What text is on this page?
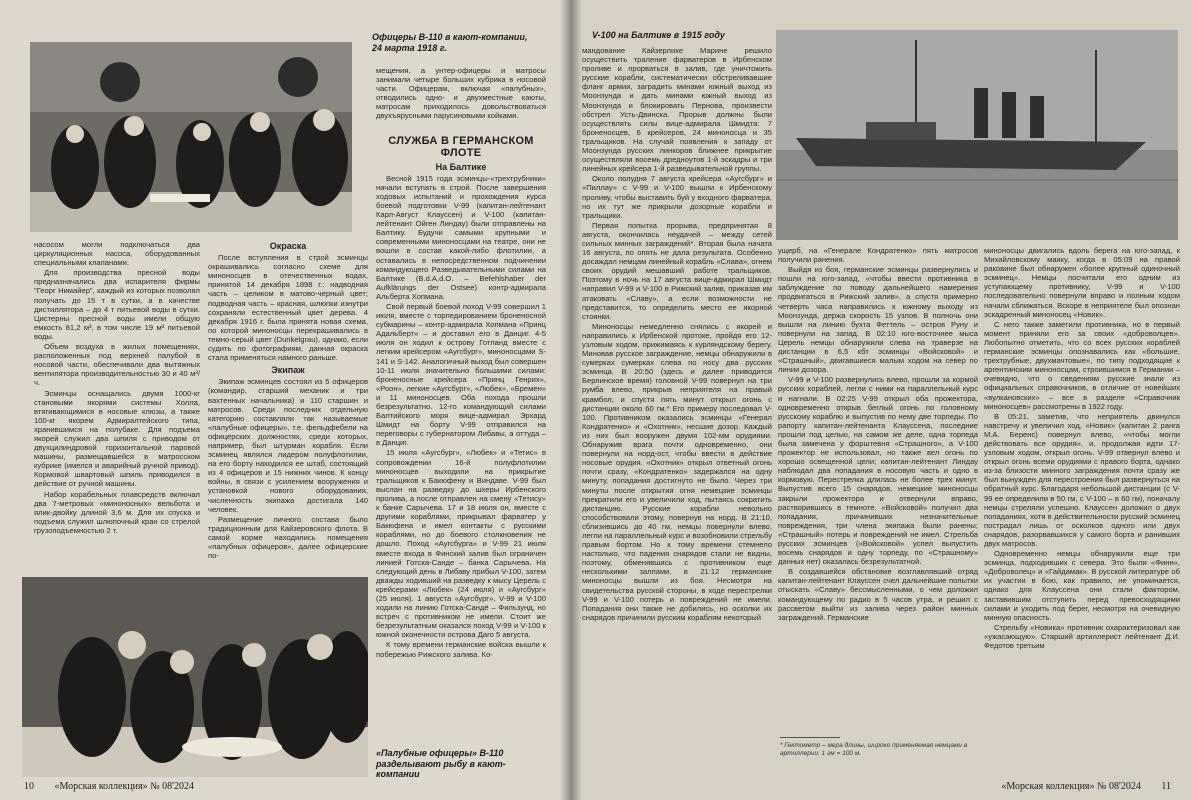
Офицеры В-110 в кают-компании, 24 марта 1918 г.

насосом могли подключаться два циркуляционных насоса, оборудованных специальными клапанами.

Для производства пресной воды предназначались два испарителя фирмы "Георг Нимайер", каждый из которых позволял получать до 15 т в сутки, а в качестве дистиллятора – до 4 т питьевой воды в сутки. Цистерны пресной воды имели общую емкость 81,2 м³, в том числе 19 м³ питьевой воды.

Объем воздуха в жилых помещениях, расположенных под верхней палубой в носовой части, обеспечивали два вытяжных вентилятора производительностью 30 и 40 м³/ч.

Эсминцы оснащались двумя 1000-кг становыми якорями системы Холла, втягивающимися в носовые клюзы, а также 100-кг якорем Адмиралтейского типа, хранившимся на полубаке. Для подъема якорей служил два шпиля с приводом от двухцилиндровой горизонтальной паровой машины, размещавшейся в матросском кубрике (имелся и аварийный ручной привод). Кормовой швартовый шпиль приводился в действие от ручной машины.

Набор корабельных плавсредств включал два 7-метровых «миноносных» вельбота и ялик-двойку длиной 3,6 м. Для их спуска и подъема служил шлюпочный кран со стрелой грузоподъемностью 2 т.

Окраска

После вступления в строй эсминцы окрашивались согласно схеме для миноносцев в отечественных водах, принятой 14 декабря 1898 г.: надводная часть – целиком в матово-черный цвет; подводная часть – красная, шлюпки изнутри сохраняли естественный цвет дерева. 4 декабря 1916 г. была принята новая схема, по которой миноносцы перекрашивались в темно-серый цвет (Dunkelgrau), однако, если судить по фотографиям, данная окраска стала применяться намного раньше.

Экипаж

Экипаж эсминцев состоял из 5 офицеров (командир, старший механик и три вахтенных начальника) и 110 старшин и матросов. Среди последних отдельную категорию составляли так называемые «палубные офицеры», т.е. фельдфебели на офицерских должностях, среди которых, например, был штурман корабля. Если эсминец являлся лидером полуфлотилии, на его борту находился ее штаб, состоящий из 4 офицеров и 15 нижних чинов. К концу войны, в связи с усилением вооружения и установкой нового оборудования, численность экипажа достигала 140 человек.

Размещение личного состава было традиционным для Кайзеровского флота. В самой корме находились помещения «палубных офицеров», далее офицерские по-

мещения, а унтер-офицеры и матросы занимали четыре больших кубрика в носовой части. Офицерам, включая «палубных», отводились одно- и двухместные каюты, матросам приходилось довольствоваться двухъярусными парусиновыми койками.

СЛУЖБА В ГЕРМАНСКОМ ФЛОТЕ
На Балтике

Весной 1915 года эсминцы-«трехтрубники» начали вступать в строй. После завершения ходовых испытаний и прохождения курса боевой подготовки V-99 (капитан-лейтенант Карл-Август Клауссен) и V-100 (капитан-лейтенант Ойген Линдау) были отправлены на Балтику. Будучи самыми крупными и современными миноносцами на театре, они не вошли в состав какой-либо флотилии, а оставались в непосредственном подчинении командующего Разведывательными силами на Балтике (B.d.A.d.O. – Befehlshaber der Aufklärungs der Ostsee) контр-адмирала Альберта Хопмана.

Свой первый боевой поход V-99 совершил 1 июля, вместе с торпедированием броненосной субмарины – контр-адмирала Хопмана «Принц Адальберт» – и доставил его в Данциг. 4-5 июля он ходил к острову Готланд вместе с легким крейсером «Аугсбург», миноносцами S-141 и S-142. Аналогичный выход был совершен 10-11 июля значительно большими силами: броненосные крейсера «Принц Генрих», «Роон», легкие «Аугсбург», «Любек», «Бремен» и 11 миноносцев. Оба похода прошли безрезультатно. 12-го командующий силами Балтийского моря вице-адмирал Эрхард Шмидт на борту V-99 отправился на переговоры с губернатором Либавы, а оттуда – в Данциг.

15 июля «Аугсбург», «Любек» и «Тетис» в сопровождении 16-й полуфлотилии миноносцев выходили на прикрытие тральщиков к Бакюфену и Виндаве. V-99 был выслан на разведку до шхеры Ирбенского пролива, а после отправлен на смену «Тетису» к банке Сарычева. 17 и 18 июля он, вместе с другими кораблями, прикрывал фарватер у Бакюфена и имел контакты с русскими кораблями, но до боевого столкновения не дошло. Поход «Аугсбурга» и V-99 21 июля вместе входа в Финский залив был ограничен линией Готска-Санде – банка Сарычева. На следующий день в Либаву прибыл V-100, затем дважды ходивший на разведку к мысу Церель с крейсерами «Любек» (24 июля) и «Аугсбург» (25 июля). 1 августа «Аугсбург», V-99 и V-100 ходили на линию Готска-Сандё – Фильзунд, но встреч с противником не имели. Стоит же безрезультатным оказался поход V-99 и V-100 к южной оконечности острова Даго 5 августа.

К тому времени германские войска вышли к побережью Рижского залива. Ко-

«Палубные офицеры» B-110 разделывают рыбу в кают-компании
10 «Морская коллекция» № 08'2024
V-100 на Балтике в 1915 году

мандование Кайзерлихе Марине решило осуществить траление фарватеров в Ирбенском проливе и прорваться в залив, где уничтожить русские корабли, систематически обстреливавшие фланг армии, заградить минами южный выход из Моонзунда и дать минами южный выход из Моонзунда и блокировать Пернова, произвести обстрел Усть-Двинска. Прорыв должны были осуществлять силы вице-адмирала Шмидта: 7 броненосцев, 6 крейсеров, 24 миноносца и 35 тральщиков. На случай появления к западу от Моонзунда русских линкоров ближнее прикрытие осуществляли восемь дредноутов 1-й эскадры и три линейных крейсера 1-й разведывательной группы.

Около полудня 7 августа крейсера «Аугсбург» и «Пиллау» с V-99 и V-100 вышли к Ирбенскому проливу, чтобы выставить буй у входного фарватера, но их тут же прикрыли дозорные корабли и тральщики.

Первая попытка прорыва, предпринятая 8 августа, окончилась неудачей – между сетей сильных минных заграждений*. Вторая была начата 16 августа, по опять не дала результата. Особенно досаждал немцам линейный корабль «Слава», огнем своих орудий мешавший работе тральщиков. Поэтому в ночь на 17 августа вице-адмирал Шмидт направил V-99 и V-100 в Рижский залив, приказав им атаковать «Славу», а если возможности не представится, то определить место ее якорной стоянки.

Миноносцы немедленно снялись с якорей и направились к Ирбенской протоке, пройдя его 12-узловым ходом, прижимаясь к курляндскому берегу. Миновав русское заграждение, немцы обнаружили в сумерках сумерках слева по носу два русских эсминца. В 20:50 (здесь и далее приводится Берлинское время) головной V-99 повернул на три румба влево, прикрыв неприятеля на правый крамбол, и спустя пять минут открыл огонь с дистанции около 60 гм.* Его примеру последовал V-100. Противником оказались эсминцы «Генерал Кондратенко» и «Охотник», несшие дозор. Каждый из них был вооружен двумя 102-мм орудиями. Обнаружив врага почти одновременно, они повернули на норд-ост, чтобы ввести в действие носовые орудия. «Охотник» открыл ответный огонь почти сразу, «Кондратенко» задержался на одну минуту, попадания достигнуто не было. Через три минуты после открытия огня немецкие эсминцы прекратили его и увеличили ход, пытаясь сократить дистанцию. Русские корабли невольно способствовали этому, повернув на норд. В 21:10, сблизившись до 40 гм, немцы повернули влево, легли на параллельный курс и возобновили стрельбу правым бортом. Но к тому времени стемнело настолько, что падения снарядов стали не видны, поэтому, обменявшись с противником еще несколькими залпами, в 21:12 германские миноносцы вышли из боя. Несмотря на свидетельства русской стороны, в ходе перестрелки V-99 и V-100 потерь и повреждений не имели. Попадания они также не добились, но осколки их снарядов причинили русским кораблям некоторый

ущерб, на «Генерале Кондратенко» пять матросов получили ранения.

Выйдя из боя, германские эсминцы развернулись и пошли на юго-запад, «чтобы ввести противника в заблуждение по поводу дальнейшего намерения продвигаться в Рижский залив», а спустя примерно четверть часа направились к южному выходу из Моонзунда, держа скорость 15 узлов. В полночь они вышли на линию бухта Феттель – остров Руну и повернули на запад. В 02:10 юго-восточнее мыса Церель немцы обнаружили слева на траверзе на дистанции в 6,5 кбт эсминцы «Войсковой» и «Страшный», двигавшиеся малым ходом на север по линии дозора.

V-99 и V-100 развернулись влево, прошли за кормой русских кораблей, легли с ними на параллельный курс и нагнали. В 02:25 V-99 открыл оба прожектора, одновременно открыв беглый огонь по головному русскому кораблю и выпустив по нему две торпеды. По рапорту капитан-лейтенанта Клауссена, последние прошли под целью, на самом же деле, одна торпеда была замечена у форштевня «Страшного», а V-100 прожектор не использовал, но также вел огонь по хорошо освещенной цели; капитан-лейтенант Линдау наблюдал два попадания в носовую часть и одно в кормовую. Перестрелка длилась не более трех минут. Выпустив всего 15 снарядов, немецкие миноносцы закрыли прожектора и отвернули вправо, растворившись в темноте. «Войсковой» получил два попадания, причинивших незначительные повреждения, три члена экипажа были ранены; «Страшный» потерь и повреждений не имел. Стрельба русских эсминцев («Войсковой» успел выпустить восемь снарядов и одну торпеду, по «Страшному» данных нет) оказалась безрезультатной.

В создавшейся обстановке возглавлявший отряд капитан-лейтенант Клауссен счел дальнейшие попытки отыскать «Славу» бессмысленными, о чем доложил командующему по радио в 5 часов утра, и решил с рассветом выйти из залива через район минных заграждений. Германские

* Гектометр – мера длины, широко применяемая немцами в артиллерии: 1 гм = 100 м.

миноносцы двигались вдоль берега на юго-запад, к Михайловскому маяку, когда в 05:09 на правой раковине был обнаружен «более крупный одиночный эсминец». Немцы посчитали его одним из уступающему противнику, V-99 и V-100 последовательно повернули вправо и полным ходом начали сближаться. Вскоре в неприятеле был опознан эскадренный миноносец «Новик».

С него также заметили противника, но в первый момент приняли его за своих «доброволцев». Любопытно отметить, что со всех русских кораблей германские эсминцы опознавались как «большие, трехтрубные, двухмачтовые», по типу подходящие к аргентинским миноносцам, строившимся в Германии – очевидно, что о сведениям русские знали из официальных справочников, в отличие от новейших «вулкановских» – все в разделе «Справочник миноносцев» рассмотрены в 1922 году.

В 05:21, заметив, что неприятель двинулся навстречу и увеличил ход, «Новик» (капитан 2 ранга М.А. Беренс) повернул влево, «чтобы могли действовать все орудия», и, продолжая идти 17-узловым ходом, открыл огонь. V-99 отвернул влево и открыл огонь всеми орудиями с правого борта, однако из-за близости минного заграждения почти сразу же был вынужден для перестроения был развернуться на обратный курс. Благодаря небольшой дистанции (с V-99 ее определили в 50 гм, с V-100 – в 60 гм), поначалу немцы стреляли успешно. Клауссен доложил о двух попаданиях, хотя в действительности русский эсминец пострадал лишь от осколков одного или двух снарядов, разорвавшихся у самого борта и ранивших двух матросов.

Одновременно немцы обнаружили еще три эсминца, подходивших с севера. Это были «Финн», «Доброволец» и «Гайдамак». В русской литературе об их участии в бою, как правило, не упоминается, однако для Клауссена они стали фактором, заставившим отступить перед превосходящими силами и уходить под берег, несмотря на очевидную минную опасность.

Стрельбу «Новика» противник охарактеризовал как «ужасающую». Старший артиллерист лейтенант Д.И. Федотов третьим

«Морская коллекция» № 08'2024 11
